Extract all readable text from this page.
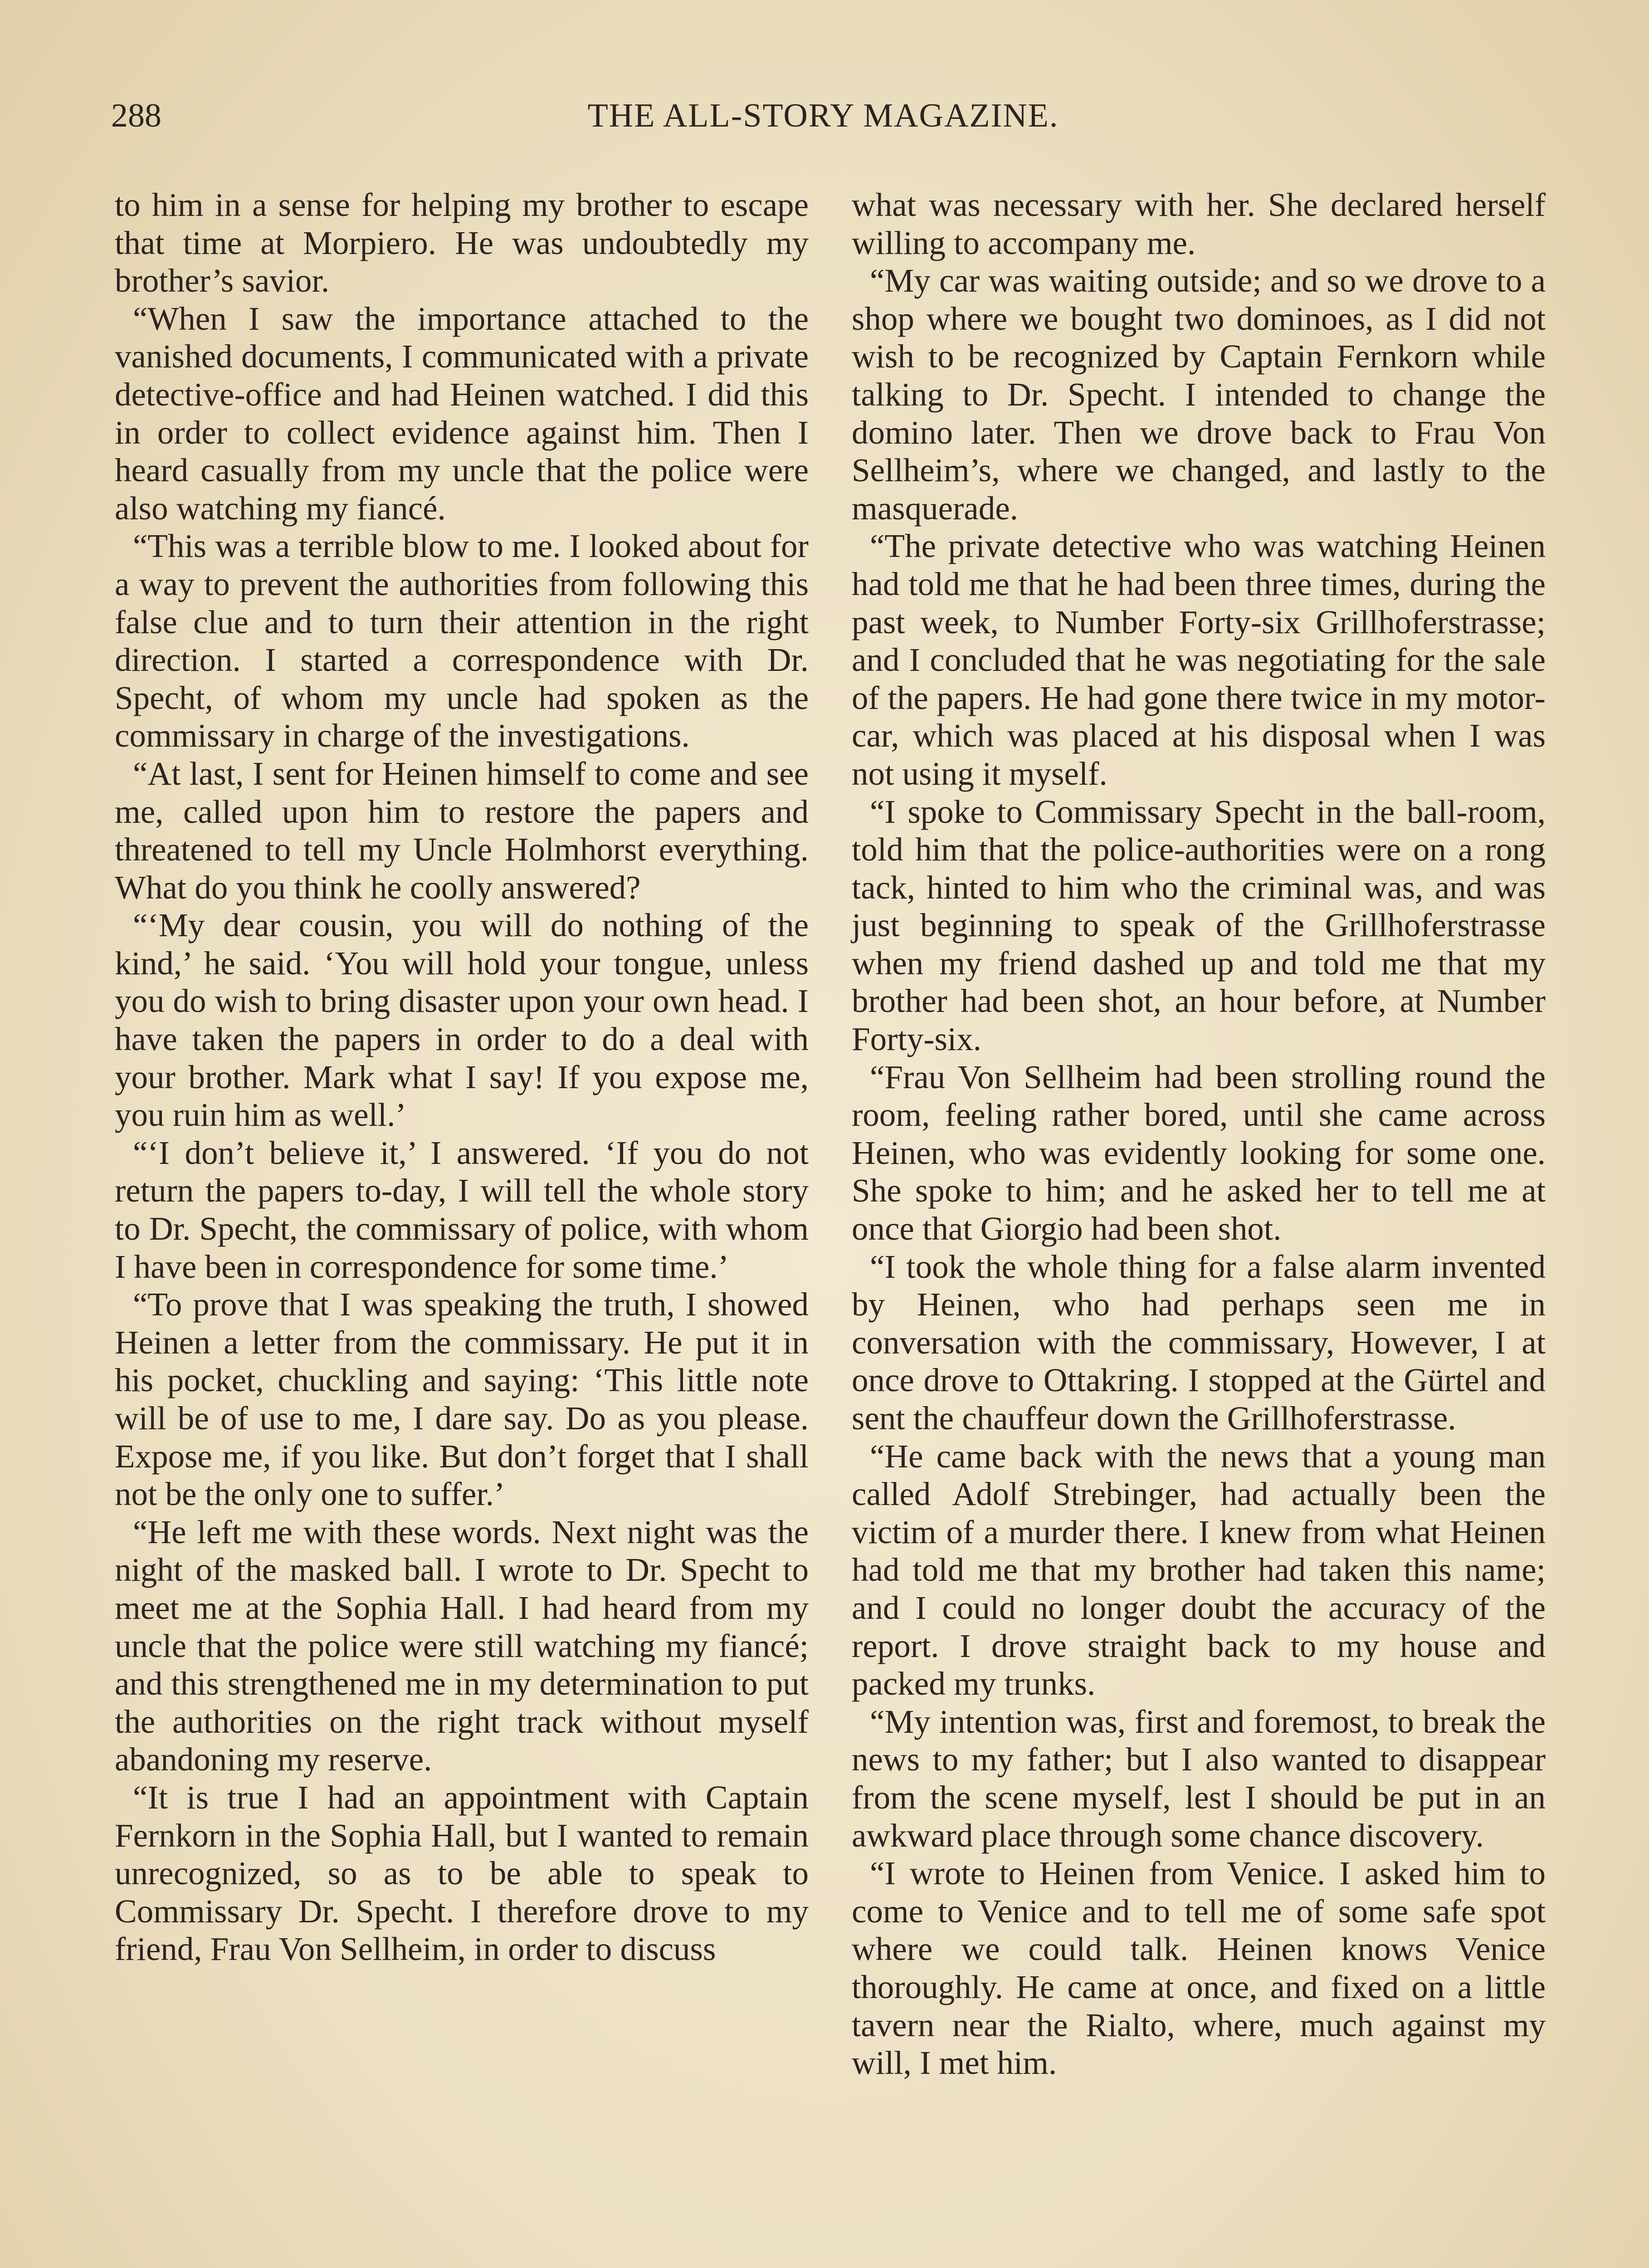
288	THE ALL-STORY MAGAZINE.

to him in a sense for helping my brother to escape that time at Morpiero. He was undoubtedly my brother’s savior.

“When I saw the importance attached to the vanished documents, I communicated with a private detective-office and had Heinen watched. I did this in order to collect evidence against him. Then I heard casually from my uncle that the police were also watching my fiancé.

“This was a terrible blow to me. I looked about for a way to prevent the authorities from following this false clue and to turn their attention in the right direction. I started a correspondence with Dr. Specht, of whom my uncle had spoken as the commissary in charge of the investigations.

“At last, I sent for Heinen himself to come and see me, called upon him to restore the papers and threatened to tell my Uncle Holmhorst everything. What do you think he coolly answered?

“‘My dear cousin, you will do nothing of the kind,’ he said. ‘You will hold your tongue, unless you do wish to bring disaster upon your own head. I have taken the papers in order to do a deal with your brother. Mark what I say! If you expose me, you ruin him as well.’

“‘I don’t believe it,’ I answered. ‘If you do not return the papers to-day, I will tell the whole story to Dr. Specht, the commissary of police, with whom I have been in correspondence for some time.’

“To prove that I was speaking the truth, I showed Heinen a letter from the commissary. He put it in his pocket, chuckling and saying: ‘This little note will be of use to me, I dare say. Do as you please. Expose me, if you like. But don’t forget that I shall not be the only one to suffer.’

“He left me with these words. Next night was the night of the masked ball. I wrote to Dr. Specht to meet me at the Sophia Hall. I had heard from my uncle that the police were still watching my fiancé; and this strengthened me in my determination to put the authorities on the right track without myself abandoning my reserve.

“It is true I had an appointment with Captain Fernkorn in the Sophia Hall, but I wanted to remain unrecognized, so as to be able to speak to Commissary Dr. Specht. I therefore drove to my friend, Frau Von Sellheim, in order to discuss

what was necessary with her. She declared herself willing to accompany me.

“My car was waiting outside; and so we drove to a shop where we bought two dominoes, as I did not wish to be recognized by Captain Fernkorn while talking to Dr. Specht. I intended to change the domino later. Then we drove back to Frau Von Sellheim’s, where we changed, and lastly to the masquerade.

“The private detective who was watching Heinen had told me that he had been three times, during the past week, to Number Forty-six Grillhoferstrasse; and I concluded that he was negotiating for the sale of the papers. He had gone there twice in my motor-car, which was placed at his disposal when I was not using it myself.

“I spoke to Commissary Specht in the ball-room, told him that the police-authorities were on a rong tack, hinted to him who the criminal was, and was just beginning to speak of the Grillhoferstrasse when my friend dashed up and told me that my brother had been shot, an hour before, at Number Forty-six.

“Frau Von Sellheim had been strolling round the room, feeling rather bored, until she came across Heinen, who was evidently looking for some one. She spoke to him; and he asked her to tell me at once that Giorgio had been shot.

“I took the whole thing for a false alarm invented by Heinen, who had perhaps seen me in conversation with the commissary, However, I at once drove to Ottakring. I stopped at the Gürtel and sent the chauffeur down the Grillhoferstrasse.

“He came back with the news that a young man called Adolf Strebinger, had actually been the victim of a murder there. I knew from what Heinen had told me that my brother had taken this name; and I could no longer doubt the accuracy of the report. I drove straight back to my house and packed my trunks.

“My intention was, first and foremost, to break the news to my father; but I also wanted to disappear from the scene myself, lest I should be put in an awkward place through some chance discovery.

“I wrote to Heinen from Venice. I asked him to come to Venice and to tell me of some safe spot where we could talk. Heinen knows Venice thoroughly. He came at once, and fixed on a little tavern near the Rialto, where, much against my will, I met him.
